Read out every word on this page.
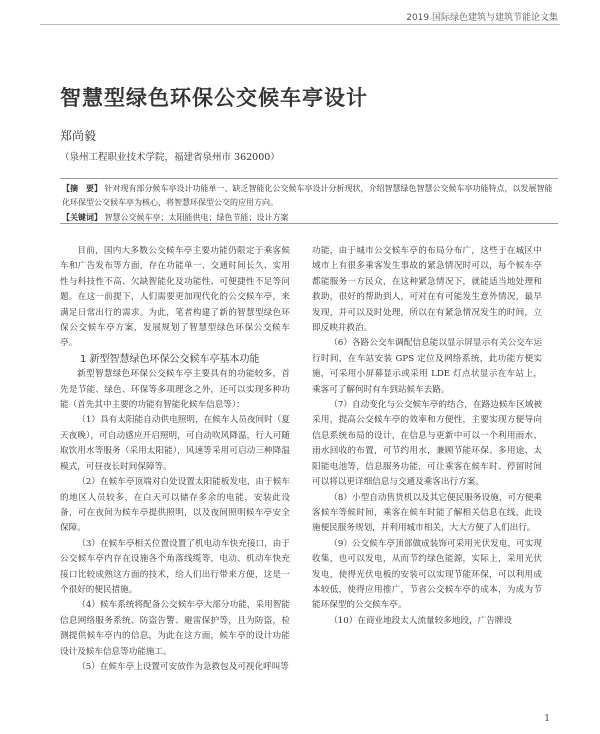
2019 国际绿色建筑与建筑节能论文集
智慧型绿色环保公交候车亭设计
郑尚毅
（泉州工程职业技术学院，福建省泉州市 362000）
【摘　要】 针对现有部分候车亭设计功能单一、缺乏智能化公交候车亭设计分析现状，介绍智慧绿色智慧公交候车亭功能特点，以发展智能化环保型公交候车亭为核心，将智慧环保型公交的应用方向。
【关键词】 智慧公交候车亭；太阳能供电；绿色节能；设计方案

目前，国内大多数公交候车亭主要功能仍限定于乘客候车和广告发布等方面，存在功能单一、交通时间长久、实用性与科技性不高、欠缺智能化及功能性、可便捷性不足等问题。在这一前提下，人们需要更加现代化的公交候车亭，来满足日常出行的需求。为此，笔者构建了新的智慧型绿色环保公交候车亭方案，发展规划了智慧型绿色环保公交候车亭。

1 新型智慧绿色环保公交候车亭基本功能

新型智慧绿色环保公交候车亭主要具有的功能较多，首先是节能、绿色、环保等多项理念之外，还可以实现多种功能（首先其中主要的功能有智能化候车信息等）：

（1）具有太阳能自动供电照明，在候车人员夜间时（夏天夜晚），可自动感应开启照明，可自动吹风降温，行人可随取饮用水等服务（采用太阳能），风速等采用可启动三种降温模式，可昼夜长时间保障等。

（2）在候车亭顶端对白处设置太阳能板发电，由于候车的地区人员较多，在白天可以储存多余的电能，安装此设备，可在夜间为候车亭提供照明，以及夜间照明候车亭安全保障。

（3）在候车亭相关位置设置了机电动车快充接口，由于公交候车亭内存在设施各个角落线缆等，电动、机动车快充接口比较成熟这方面的技术，给人们出行带来方便，这是一个很好的便民措施。

（4）候车系统将配备公交候车亭大部分功能，采用智能信息网络服务系统、防盗告警、避雷保护等，且为防盗，检测提供候车亭内的信息，为此在这方面，候车亭的设计功能设计及候车信息等功能施工。

（5）在候车亭上设置可安放作为急救包及可视化呼叫等

功能，由于城市公交候车亭的布局分布广，这些于在城区中域市上有很多乘客发生事故的紧急情况时可以，每个候车亭都能服务一方民众，在这种紧急情况下，就能适当地处理和救助，很好的帮助到人，可对在有可能发生意外情况，最早发现，并可以及时处理，所以在有紧急情况发生的时间，立即反映并救治。

（6）各路公交车调配信息能以显示屏显示有关公交车运行时间，在车站安装 GPS 定位及网络系统，此功能方便实施，可采用小屏幕显示或采用 LDE 灯点状显示在车站上，乘客可了解何时有车到站候车去路。

（7）自动变化与公交候车亭的结合，在路边候车区域被采用，提高公交候车亭的效率和方便性，主要实现方便导向信息系统布局的设计，在信息与更新中可以一个利用雨水、雨水回收的布置，可节约用水，兼顾节能环保、多用途、太阳能电池等，信息服务功能，可让乘客在候车时、停留时间可以将以更详细信息与交通及乘客出行方案。

（8）小型自动售货机以及其它便民服务设施，可方便乘客候车等候时间，乘客在候车时能了解相关信息在线，此设施便民服务规划，并利用城市相关，大大方便了人们出行。

（9）公交候车亭顶部做成装饰可采用光伏发电，可实现收集，也可以发电，从而节约绿色能源，实际上，采用光伏发电，使得光伏电板的安装可以实现节能环保，可以利用成本较低，使得应用推广，节省公交候车亭的成本，为成为节能环保型的公交候车亭。

（10）在商业地段太人流量较多地段，广告牌设

1
